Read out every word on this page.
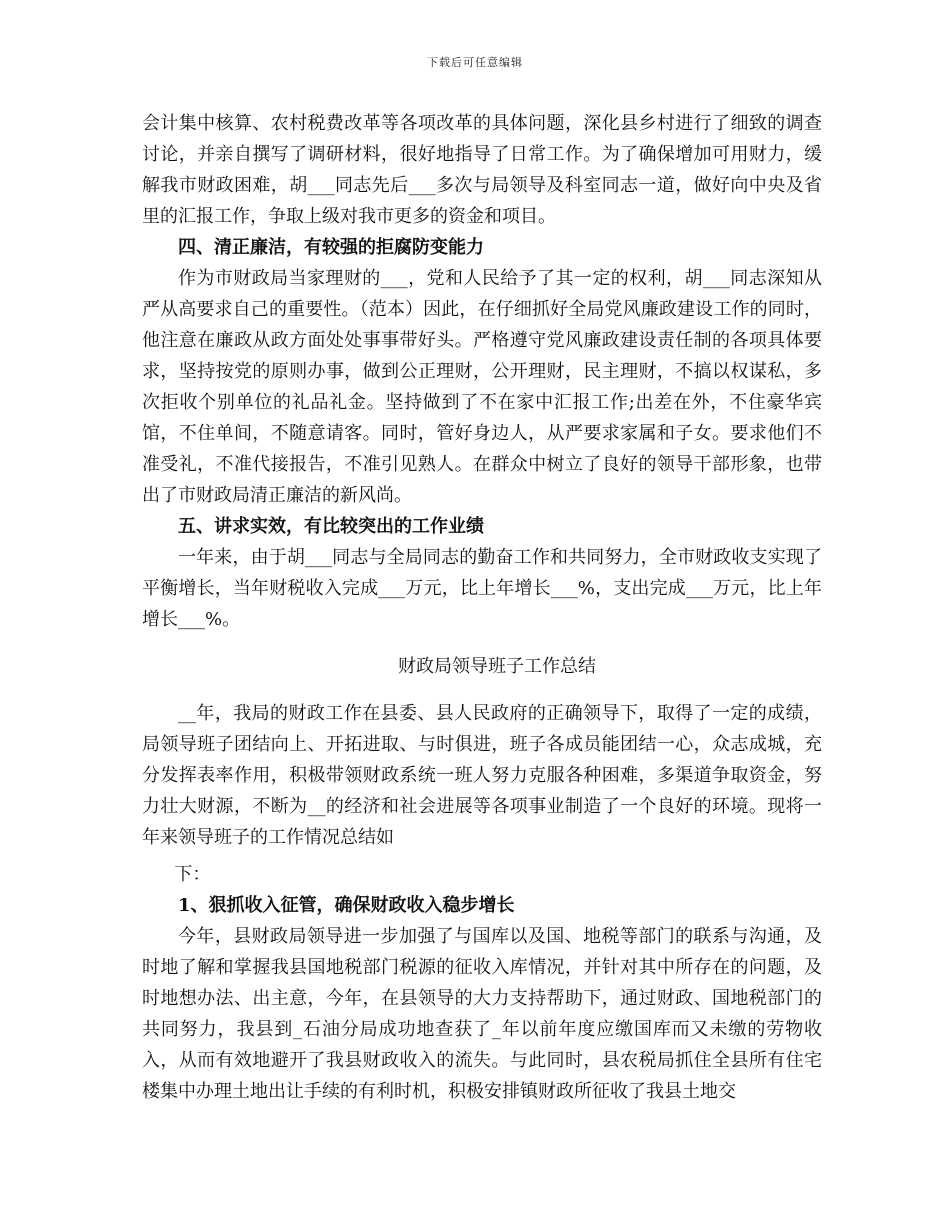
下载后可任意编辑

会计集中核算、农村税费改革等各项改革的具体问题，深化县乡村进行了细致的调查讨论，并亲自撰写了调研材料，很好地指导了日常工作。为了确保增加可用财力，缓解我市财政困难，胡___同志先后___多次与局领导及科室同志一道，做好向中央及省里的汇报工作，争取上级对我市更多的资金和项目。

四、清正廉洁，有较强的拒腐防变能力

作为市财政局当家理财的___，党和人民给予了其一定的权利，胡___同志深知从严从高要求自己的重要性。（范本）因此，在仔细抓好全局党风廉政建设工作的同时，他注意在廉政从政方面处处事事带好头。严格遵守党风廉政建设责任制的各项具体要求，坚持按党的原则办事，做到公正理财，公开理财，民主理财，不搞以权谋私，多次拒收个别单位的礼品礼金。坚持做到了不在家中汇报工作;出差在外，不住豪华宾馆，不住单间，不随意请客。同时，管好身边人，从严要求家属和子女。要求他们不准受礼，不准代接报告，不准引见熟人。在群众中树立了良好的领导干部形象，也带出了市财政局清正廉洁的新风尚。

五、讲求实效，有比较突出的工作业绩

一年来，由于胡___同志与全局同志的勤奋工作和共同努力，全市财政收支实现了平衡增长，当年财税收入完成___万元，比上年增长___%，支出完成___万元，比上年增长___%。

财政局领导班子工作总结

__年，我局的财政工作在县委、县人民政府的正确领导下，取得了一定的成绩，局领导班子团结向上、开拓进取、与时俱进，班子各成员能团结一心，众志成城，充分发挥表率作用，积极带领财政系统一班人努力克服各种困难，多渠道争取资金，努力壮大财源，不断为__的经济和社会进展等各项事业制造了一个良好的环境。现将一年来领导班子的工作情况总结如

下：

1、狠抓收入征管，确保财政收入稳步增长

今年，县财政局领导进一步加强了与国库以及国、地税等部门的联系与沟通，及时地了解和掌握我县国地税部门税源的征收入库情况，并针对其中所存在的问题，及时地想办法、出主意，今年，在县领导的大力支持帮助下，通过财政、国地税部门的共同努力，我县到_石油分局成功地查获了_年以前年度应缴国库而又未缴的劳物收入，从而有效地避开了我县财政收入的流失。与此同时，县农税局抓住全县所有住宅楼集中办理土地出让手续的有利时机，积极安排镇财政所征收了我县土地交
